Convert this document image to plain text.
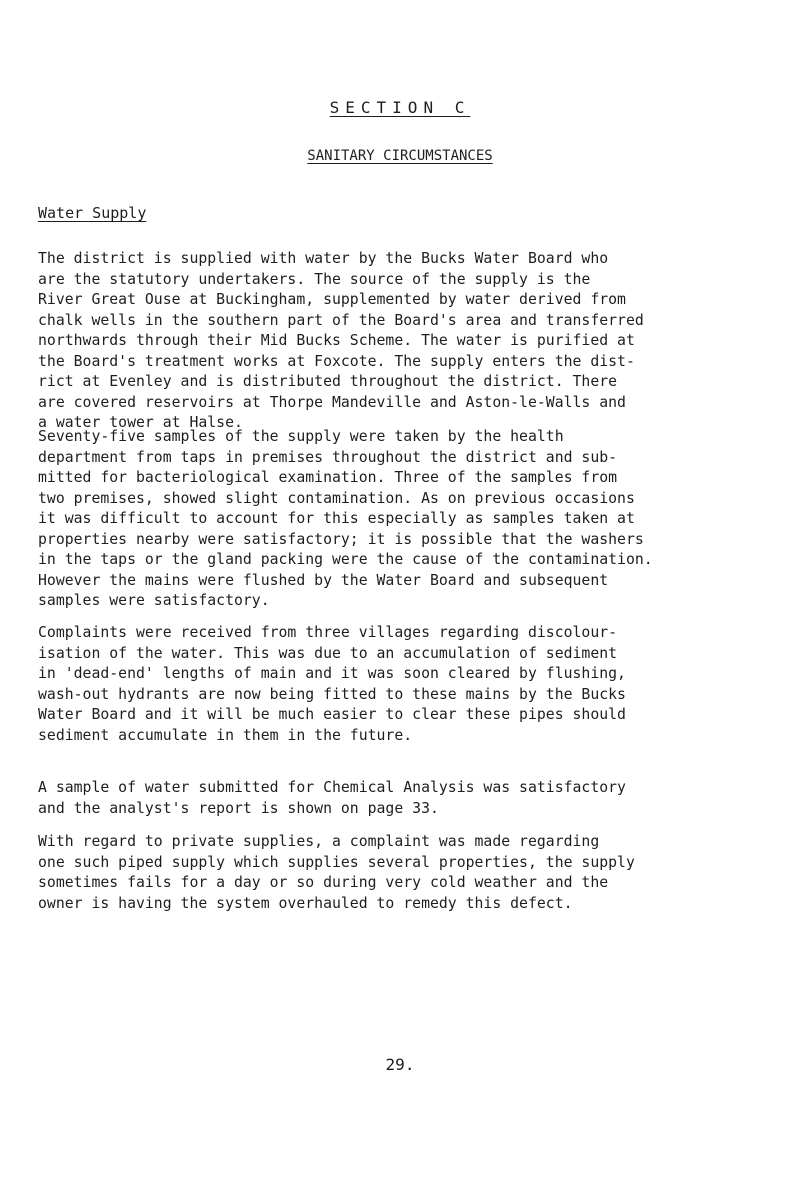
SECTION C
SANITARY CIRCUMSTANCES
Water Supply

The district is supplied with water by the Bucks Water Board who
are the statutory undertakers. The source of the supply is the
River Great Ouse at Buckingham, supplemented by water derived from
chalk wells in the southern part of the Board's area and transferred
northwards through their Mid Bucks Scheme. The water is purified at
the Board's treatment works at Foxcote. The supply enters the dist-
rict at Evenley and is distributed throughout the district. There
are covered reservoirs at Thorpe Mandeville and Aston-le-Walls and
a water tower at Halse.

Seventy-five samples of the supply were taken by the health
department from taps in premises throughout the district and sub-
mitted for bacteriological examination. Three of the samples from
two premises, showed slight contamination. As on previous occasions
it was difficult to account for this especially as samples taken at
properties nearby were satisfactory; it is possible that the washers
in the taps or the gland packing were the cause of the contamination.
However the mains were flushed by the Water Board and subsequent
samples were satisfactory.

Complaints were received from three villages regarding discolour-
isation of the water. This was due to an accumulation of sediment
in 'dead-end' lengths of main and it was soon cleared by flushing,
wash-out hydrants are now being fitted to these mains by the Bucks
Water Board and it will be much easier to clear these pipes should
sediment accumulate in them in the future.

A sample of water submitted for Chemical Analysis was satisfactory
and the analyst's report is shown on page 33.

With regard to private supplies, a complaint was made regarding
one such piped supply which supplies several properties, the supply
sometimes fails for a day or so during very cold weather and the
owner is having the system overhauled to remedy this defect.

29.
